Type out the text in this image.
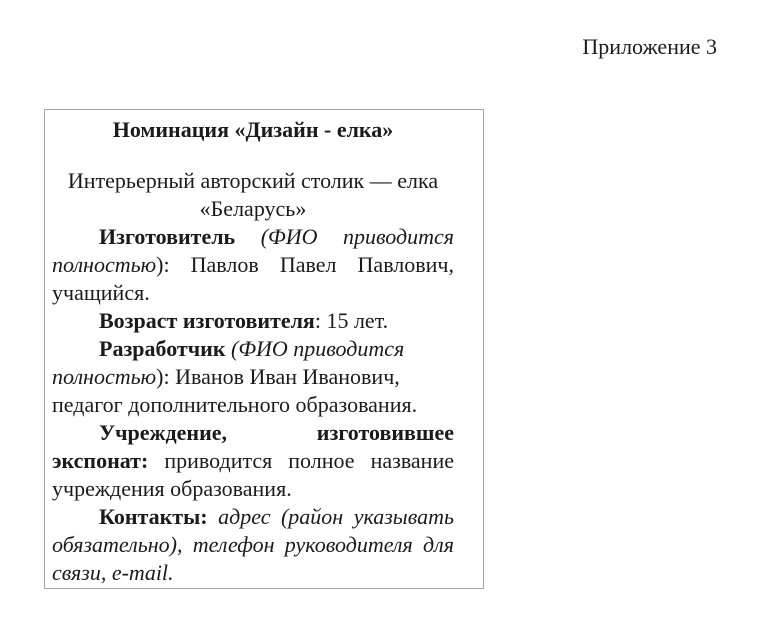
Приложение 3
Номинация «Дизайн - елка»

Интерьерный авторский столик — елка «Беларусь»

Изготовитель (ФИО приводится полностью): Павлов Павел Павлович, учащийся.

Возраст изготовителя: 15 лет.

Разработчик (ФИО приводится полностью): Иванов Иван Иванович, педагог дополнительного образования.

Учреждение, изготовившее экспонат: приводится полное название учреждения образования.

Контакты: адрес (район указывать обязательно), телефон руководителя для связи, e-mail.
